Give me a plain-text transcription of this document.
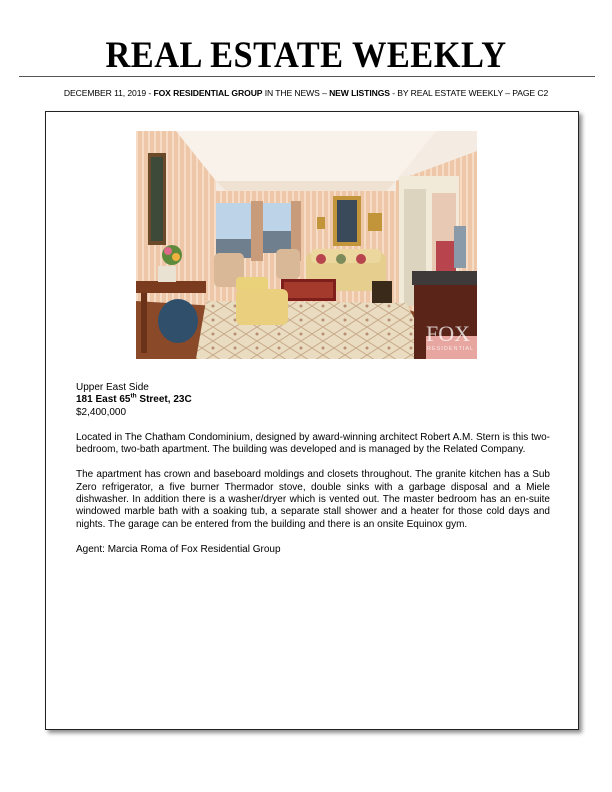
REAL ESTATE WEEKLY
DECEMBER 11, 2019 - FOX RESIDENTIAL GROUP IN THE NEWS – NEW LISTINGS - BY REAL ESTATE WEEKLY – PAGE C2
FOX
RESIDENTIAL

Upper East Side

181 East 65th Street, 23C

$2,400,000

Located in The Chatham Condominium, designed by award-winning architect Robert A.M. Stern is this two-bedroom, two-bath apartment. The building was developed and is managed by the Related Company.

The apartment has crown and baseboard moldings and closets throughout. The granite kitchen has a Sub Zero refrigerator, a five burner Thermador stove, double sinks with a garbage disposal and a Miele dishwasher. In addition there is a washer/dryer which is vented out. The master bedroom has an en-suite windowed marble bath with a soaking tub, a separate stall shower and a heater for those cold days and nights. The garage can be entered from the building and there is an onsite Equinox gym.

Agent: Marcia Roma of Fox Residential Group
